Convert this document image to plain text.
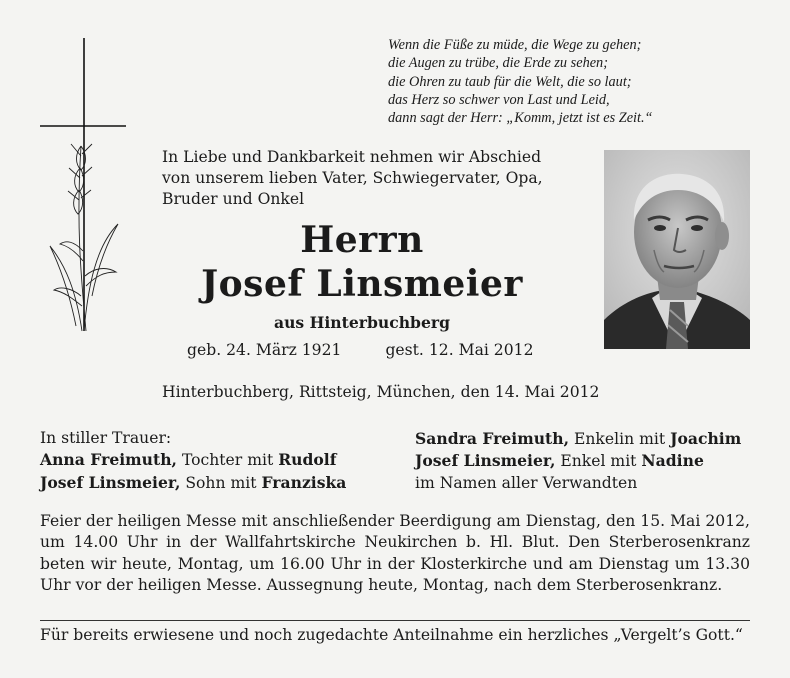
Wenn die Füße zu müde, die Wege zu gehen;
die Augen zu trübe, die Erde zu sehen;
die Ohren zu taub für die Welt, die so laut;
das Herz so schwer von Last und Leid,
dann sagt der Herr: „Komm, jetzt ist es Zeit.“
In Liebe und Dankbarkeit nehmen wir Abschied
von unserem lieben Vater, Schwiegervater, Opa,
Bruder und Onkel
Herrn
Josef Linsmeier
aus Hinterbuchberg
geb. 24. März 1921	gest. 12. Mai 2012
Hinterbuchberg, Rittsteig, München, den 14. Mai 2012
In stiller Trauer:
Anna Freimuth, Tochter mit Rudolf
Josef Linsmeier, Sohn mit Franziska
Sandra Freimuth, Enkelin mit Joachim
Josef Linsmeier, Enkel mit Nadine
im Namen aller Verwandten
Feier der heiligen Messe mit anschließender Beerdigung am Dienstag, den 15. Mai 2012, um 14.00 Uhr in der Wallfahrtskirche Neukirchen b. Hl. Blut. Den Sterberosenkranz beten wir heute, Montag, um 16.00 Uhr in der Klosterkirche und am Dienstag um 13.30 Uhr vor der heiligen Messe. Aussegnung heute, Montag, nach dem Sterberosenkranz.
Für bereits erwiesene und noch zugedachte Anteilnahme ein herzliches „Vergelt’s Gott.“
